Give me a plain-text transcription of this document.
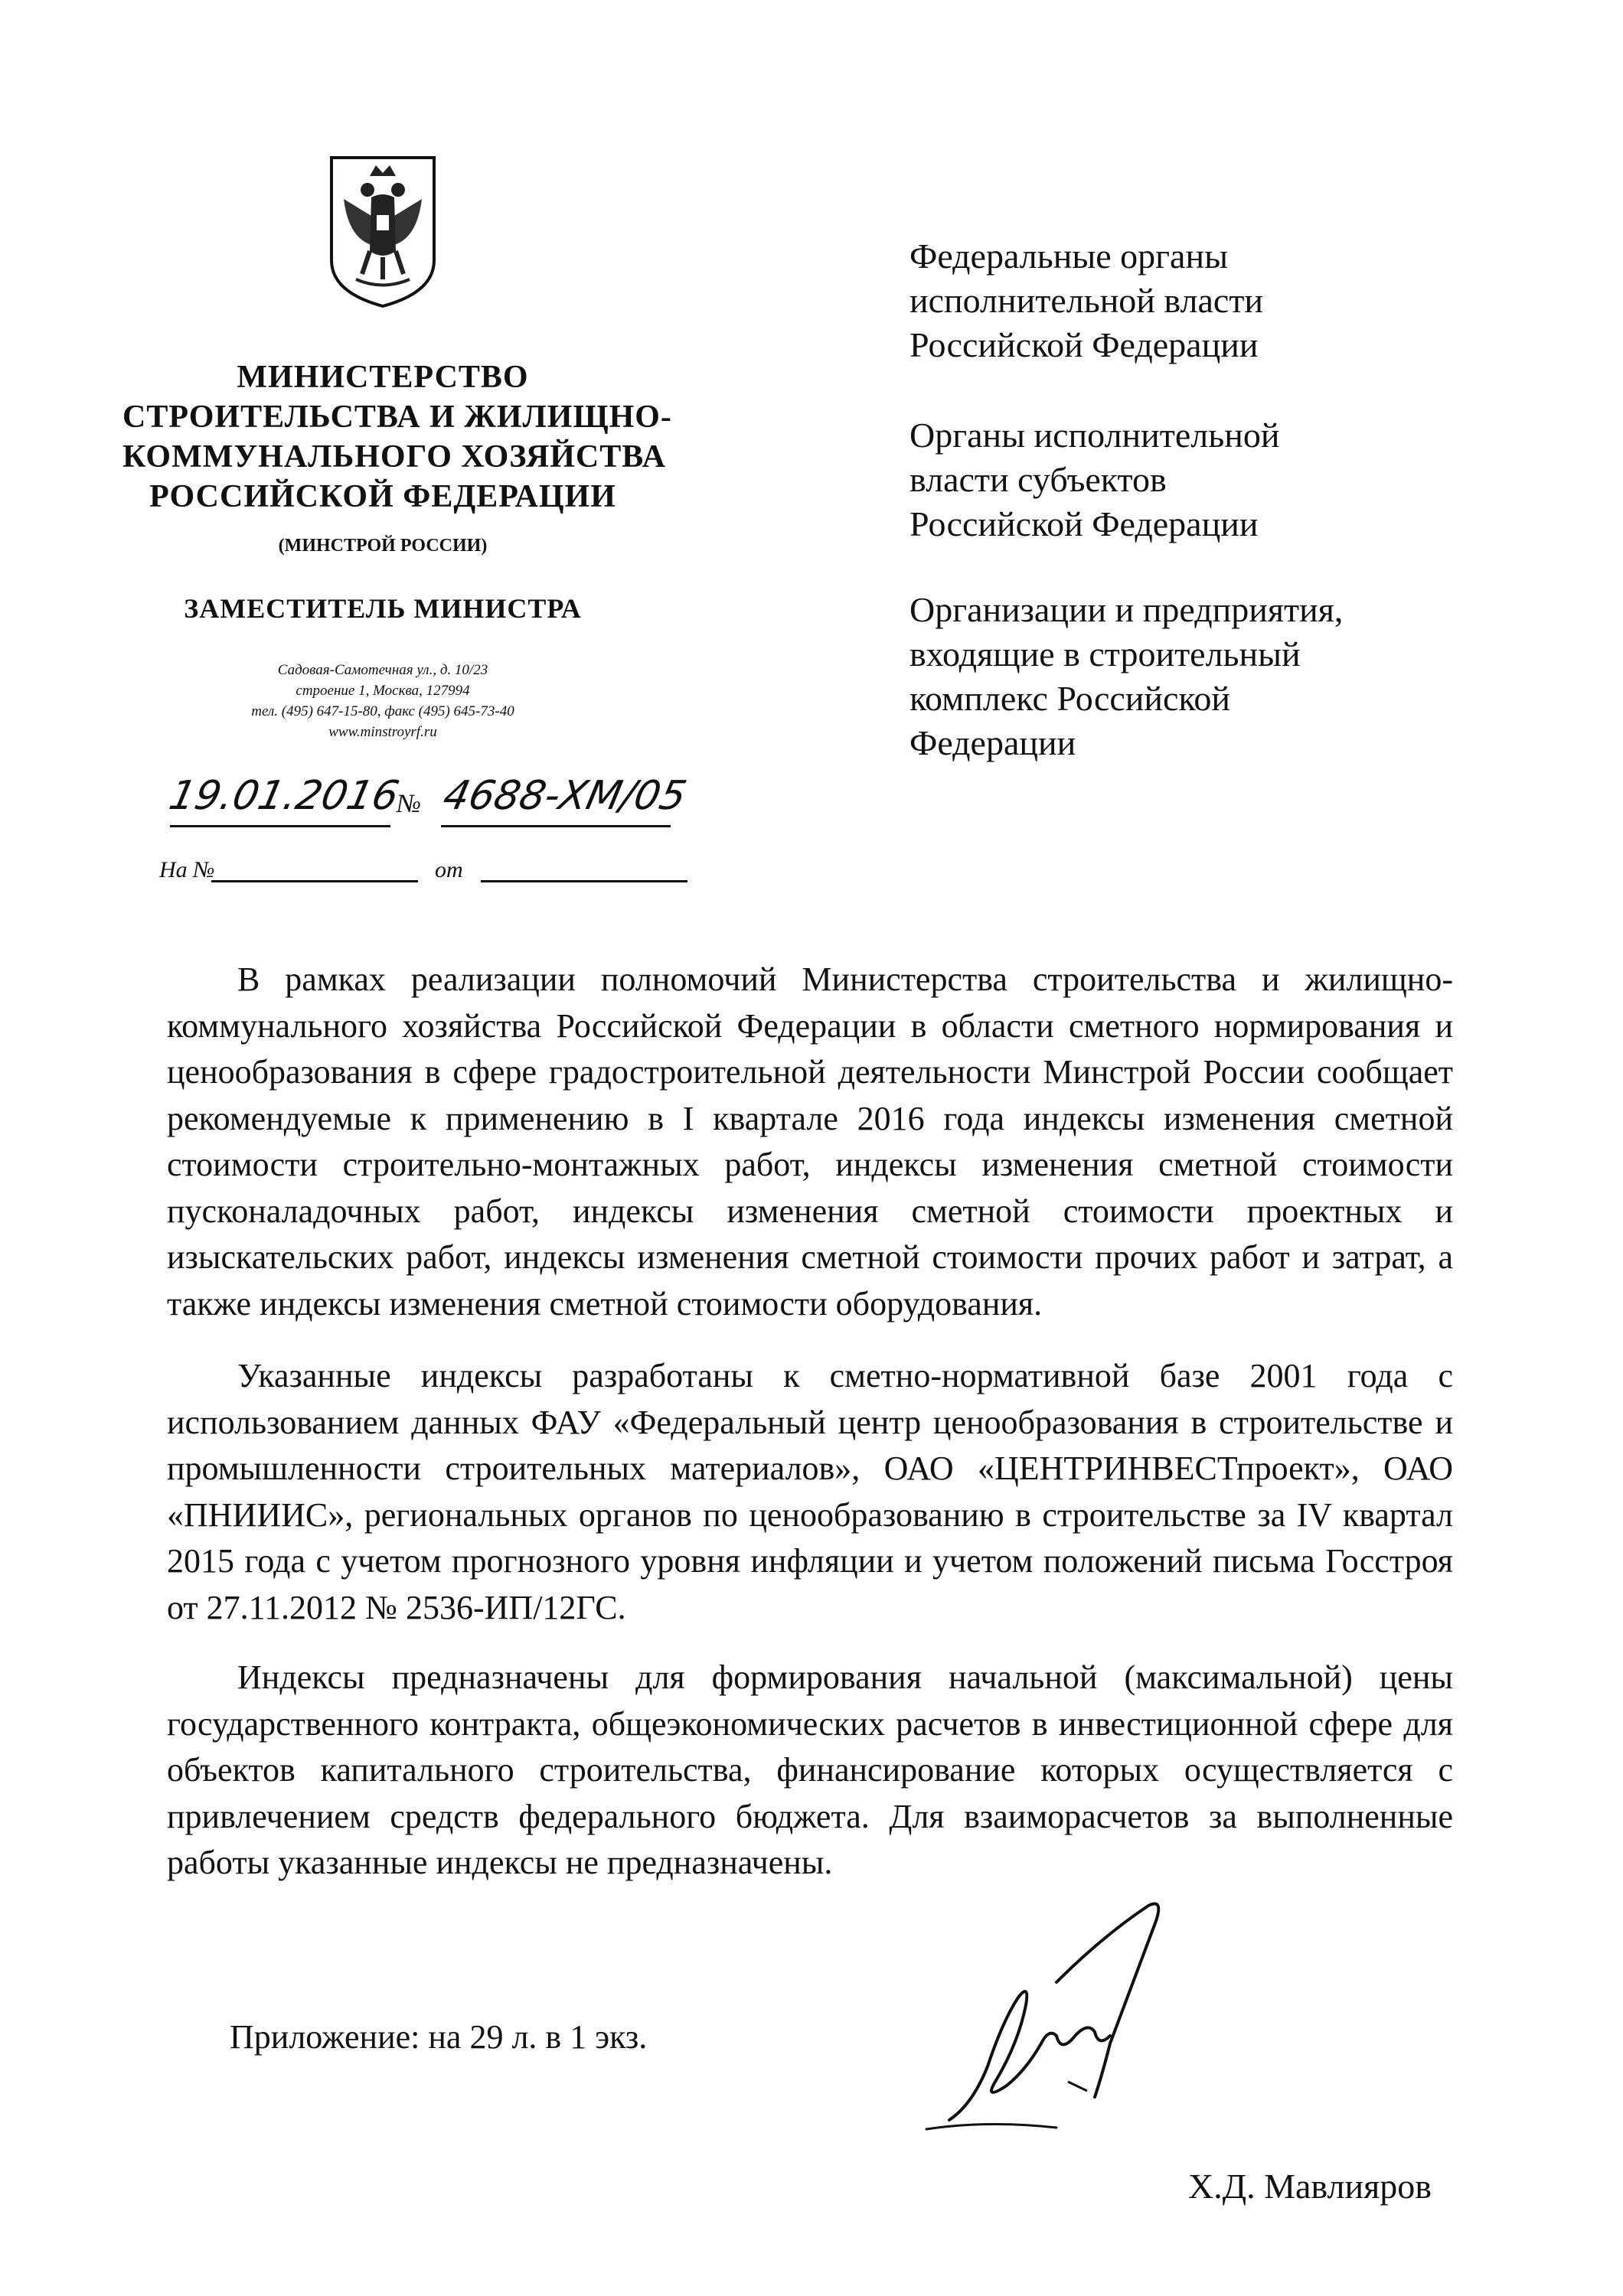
МИНИСТЕРСТВО
СТРОИТЕЛЬСТВА И ЖИЛИЩНО-
КОММУНАЛЬНОГО ХОЗЯЙСТВА
РОССИЙСКОЙ ФЕДЕРАЦИИ
(МИНСТРОЙ РОССИИ)
ЗАМЕСТИТЕЛЬ МИНИСТРА
Садовая-Самотечная ул., д. 10/23
строение 1, Москва, 127994
тел. (495) 647-15-80, факс (495) 645-73-40
www.minstroyrf.ru
19.01.2016
№ 4688-ХМ/05
На №	от
Федеральные органы
исполнительной власти
Российской Федерации
Органы исполнительной
власти субъектов
Российской Федерации
Организации и предприятия,
входящие в строительный
комплекс Российской
Федерации

В рамках реализации полномочий Министерства строительства и жилищно-коммунального хозяйства Российской Федерации в области сметного нормирования и ценообразования в сфере градостроительной деятельности Минстрой России сообщает рекомендуемые к применению в I квартале 2016 года индексы изменения сметной стоимости строительно-монтажных работ, индексы изменения сметной стоимости пусконаладочных работ, индексы изменения сметной стоимости проектных и изыскательских работ, индексы изменения сметной стоимости прочих работ и затрат, а также индексы изменения сметной стоимости оборудования.

Указанные индексы разработаны к сметно-нормативной базе 2001 года с использованием данных ФАУ «Федеральный центр ценообразования в строительстве и промышленности строительных материалов», ОАО «ЦЕНТРИНВЕСТпроект», ОАО «ПНИИИС», региональных органов по ценообразованию в строительстве за IV квартал 2015 года с учетом прогнозного уровня инфляции и учетом положений письма Госстроя от 27.11.2012 № 2536-ИП/12ГС.

Индексы предназначены для формирования начальной (максимальной) цены государственного контракта, общеэкономических расчетов в инвестиционной сфере для объектов капитального строительства, финансирование которых осуществляется с привлечением средств федерального бюджета. Для взаиморасчетов за выполненные работы указанные индексы не предназначены.

Приложение: на 29 л. в 1 экз.
Х.Д. Мавлияров
